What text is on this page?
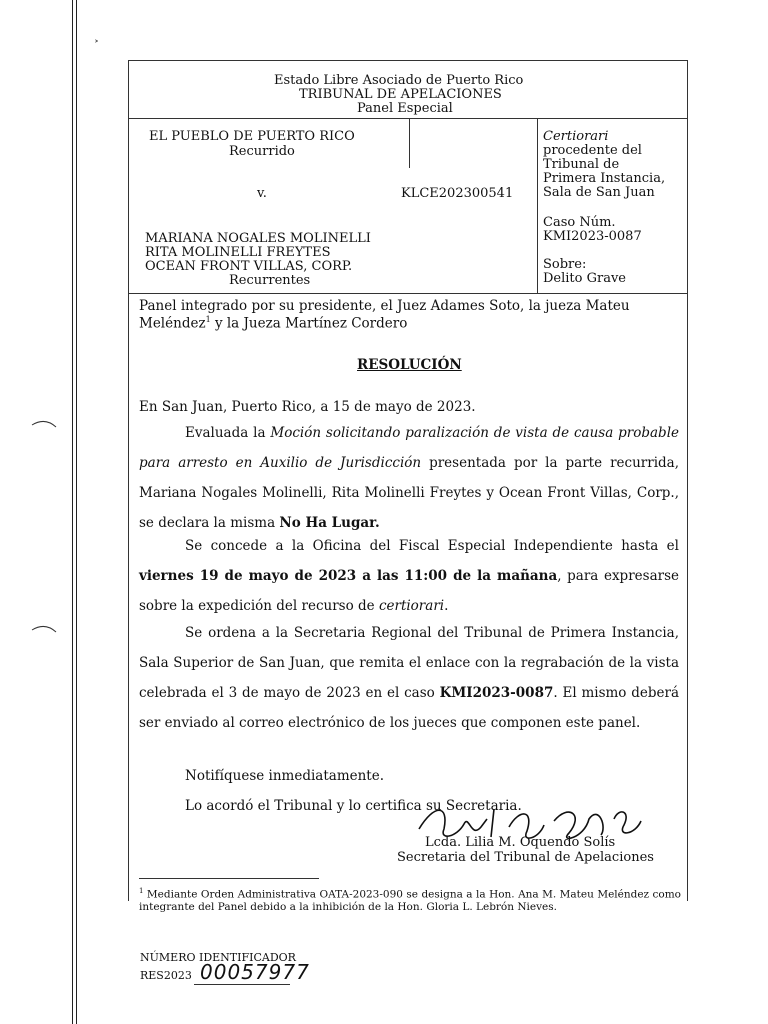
˃
Estado Libre Asociado de Puerto Rico
TRIBUNAL DE APELACIONES
Panel Especial
EL PUEBLO DE PUERTO RICO
Recurrido
v.
MARIANA NOGALES MOLINELLI
RITA MOLINELLI FREYTES
OCEAN FRONT VILLAS, CORP.
Recurrentes
KLCE202300541
Certiorari
procedente del
Tribunal de
Primera Instancia,
Sala de San Juan
Caso Núm.
KMI2023-0087
Sobre:
Delito Grave
Panel integrado por su presidente, el Juez Adames Soto, la jueza Mateu
Meléndez$^1$ y la Jueza Martínez Cordero
RESOLUCIÓN
En San Juan, Puerto Rico, a 15 de mayo de 2023.
Evaluada la Moción solicitando paralización de vista de causa probable para arresto en Auxilio de Jurisdicción presentada por la parte recurrida, Mariana Nogales Molinelli, Rita Molinelli Freytes y Ocean Front Villas, Corp., se declara la misma No Ha Lugar.
Se concede a la Oficina del Fiscal Especial Independiente hasta el viernes 19 de mayo de 2023 a las 11:00 de la mañana, para expresarse sobre la expedición del recurso de certiorari.
Se ordena a la Secretaria Regional del Tribunal de Primera Instancia, Sala Superior de San Juan, que remita el enlace con la regrabación de la vista celebrada el 3 de mayo de 2023 en el caso KMI2023-0087. El mismo deberá ser enviado al correo electrónico de los jueces que componen este panel.
Notifíquese inmediatamente.
Lo acordó el Tribunal y lo certifica su Secretaria.
Lcda. Lilia M. Oquendo Solís
Secretaria del Tribunal de Apelaciones
$^1$ Mediante Orden Administrativa OATA-2023-090 se designa a la Hon. Ana M. Mateu Meléndez como integrante del Panel debido a la inhibición de la Hon. Gloria L. Lebrón Nieves.
NÚMERO IDENTIFICADOR
RES2023 00057977
